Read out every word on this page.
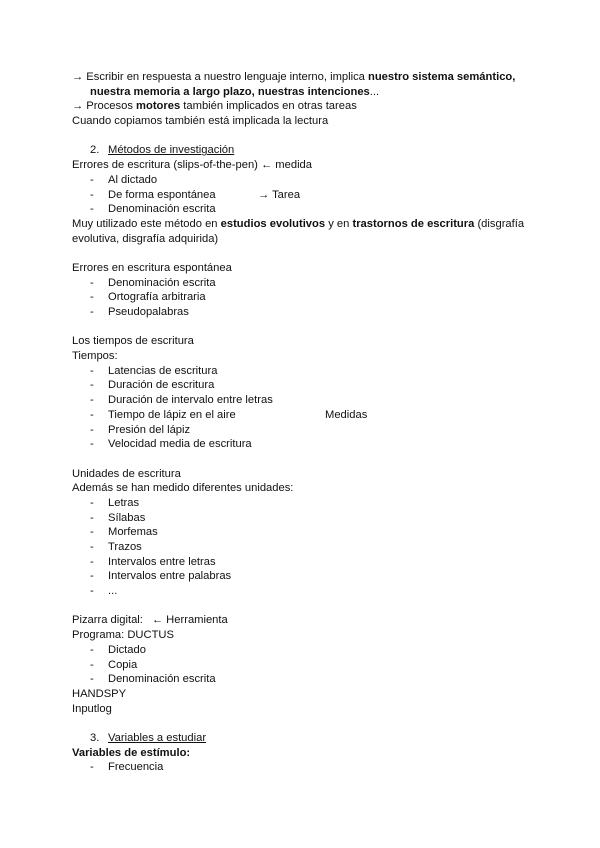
→ Escribir en respuesta a nuestro lenguaje interno, implica nuestro sistema semántico,
nuestra memoria a largo plazo, nuestras intenciones...
→ Procesos motores también implicados en otras tareas
Cuando copiamos también está implicada la lectura
2. Métodos de investigación
Errores de escritura (slips-of-the-pen) ← medida
- Al dictado
- De forma espontánea	→ Tarea
- Denominación escrita
Muy utilizado este método en estudios evolutivos y en trastornos de escritura (disgrafía evolutiva, disgrafía adquirida)
Errores en escritura espontánea
- Denominación escrita
- Ortografía arbitraria
- Pseudopalabras
Los tiempos de escritura
Tiempos:
- Latencias de escritura
- Duración de escritura
- Duración de intervalo entre letras
- Tiempo de lápiz en el aire	Medidas
- Presión del lápiz
- Velocidad media de escritura
Unidades de escritura
Además se han medido diferentes unidades:
- Letras
- Sílabas
- Morfemas
- Trazos
- Intervalos entre letras
- Intervalos entre palabras
- ...
Pizarra digital: ← Herramienta
Programa: DUCTUS
- Dictado
- Copia
- Denominación escrita
HANDSPY
Inputlog
3. Variables a estudiar
Variables de estímulo:
- Frecuencia
